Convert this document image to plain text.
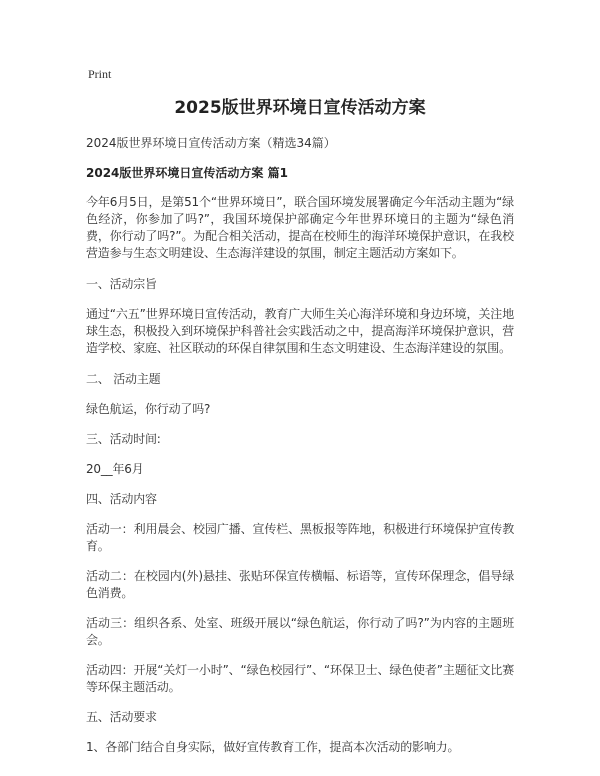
Print
2025版世界环境日宣传活动方案
2024版世界环境日宣传活动方案（精选34篇）
2024版世界环境日宣传活动方案 篇1
今年6月5日，是第51个“世界环境日”，联合国环境发展署确定今年活动主题为“绿色经济，你参加了吗?”，我国环境保护部确定今年世界环境日的主题为“绿色消费，你行动了吗?”。为配合相关活动，提高在校师生的海洋环境保护意识，在我校营造参与生态文明建设、生态海洋建设的氛围，制定主题活动方案如下。
一、活动宗旨
通过“六五”世界环境日宣传活动，教育广大师生关心海洋环境和身边环境，关注地球生态，积极投入到环境保护科普社会实践活动之中，提高海洋环境保护意识，营造学校、家庭、社区联动的环保自律氛围和生态文明建设、生态海洋建设的氛围。
二、 活动主题
绿色航运，你行动了吗?
三、活动时间:
20__年6月
四、活动内容
活动一：利用晨会、校园广播、宣传栏、黑板报等阵地，积极进行环境保护宣传教育。
活动二：在校园内(外)悬挂、张贴环保宣传横幅、标语等，宣传环保理念，倡导绿色消费。
活动三：组织各系、处室、班级开展以“绿色航运，你行动了吗?”为内容的主题班会。
活动四：开展“关灯一小时”、“绿色校园行”、“环保卫士、绿色使者”主题征文比赛等环保主题活动。
五、活动要求
1、各部门结合自身实际，做好宣传教育工作，提高本次活动的影响力。
